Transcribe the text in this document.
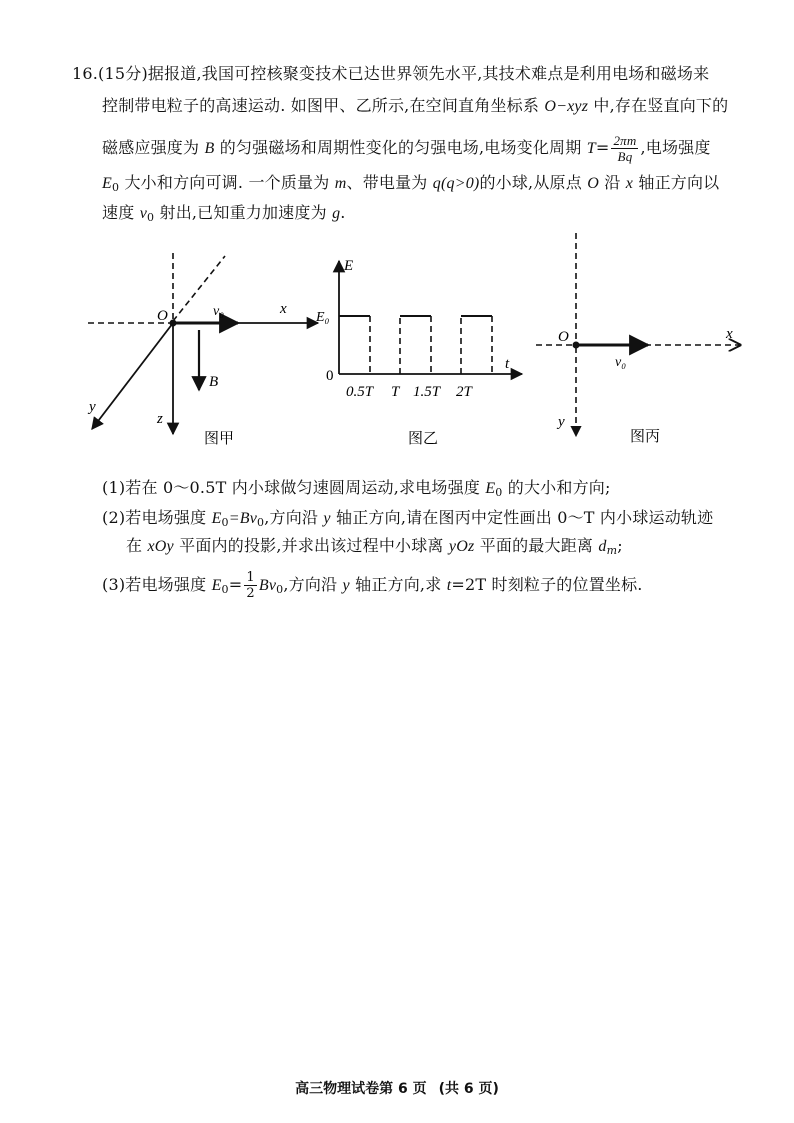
16.(15分)据报道,我国可控核聚变技术已达世界领先水平,其技术难点是利用电场和磁场来
控制带电粒子的高速运动. 如图甲、乙所示,在空间直角坐标系 O−xyz 中,存在竖直向下的
磁感应强度为 B 的匀强磁场和周期性变化的匀强电场,电场变化周期 $T= \frac{2\pi m}{Bq}$ ,电场强度
$E_0$ 大小和方向可调. 一个质量为 m、带电量为 q(q>0)的小球,从原点 O 沿 x 轴正方向以
速度 $v_0$ 射出,已知重力加速度为 g.
O	v₀	x
y
z
B
图甲
E
E₀
0
t
0.5T T 1.5T 2T
图乙
O
v₀
x
y
图丙
(1)若在 0～0.5T 内小球做匀速圆周运动,求电场强度 $E_0$ 的大小和方向;
(2)若电场强度 $E_0=Bv_0$,方向沿 y 轴正方向,请在图丙中定性画出 0～T 内小球运动轨迹
在 xOy 平面内的投影,并求出该过程中小球离 yOz 平面的最大距离 dm;
(3)若电场强度 $E_0= \frac{1}{2} Bv_0$,方向沿 y 轴正方向,求 t=2T 时刻粒子的位置坐标.
高三物理试卷第 6 页 (共 6 页)
